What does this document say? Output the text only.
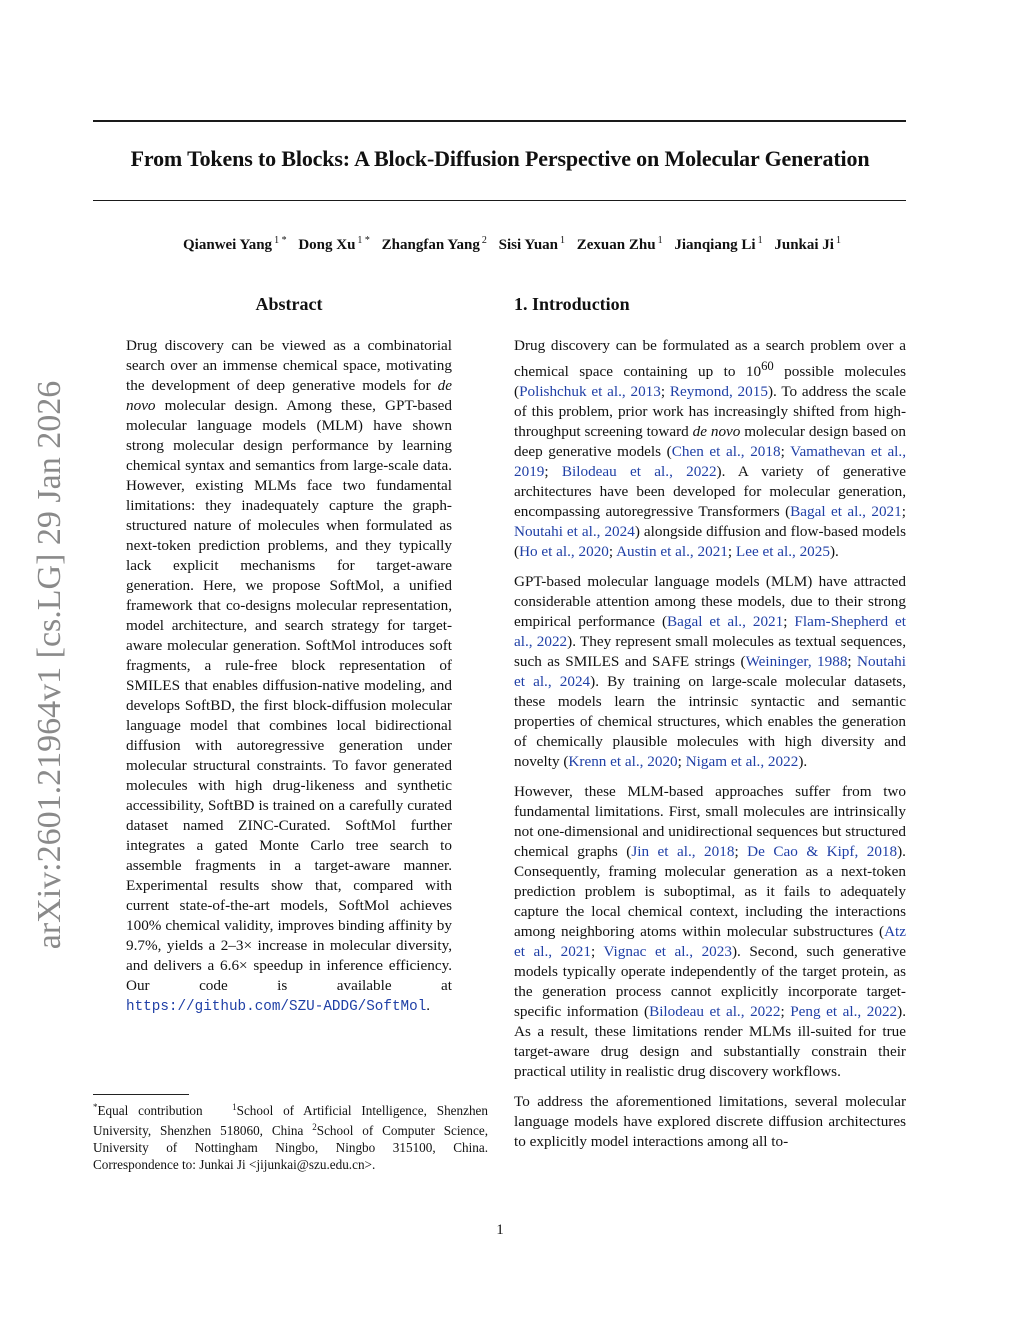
From Tokens to Blocks: A Block-Diffusion Perspective on Molecular Generation
Qianwei Yang $^{1 *}$ Dong Xu $^{1 *}$ Zhangfan Yang $^2$ Sisi Yuan $^1$ Zexuan Zhu $^1$ Jianqiang Li $^1$ Junkai Ji $^1$
arXiv:2601.21964v1 [cs.LG] 29 Jan 2026
Abstract

Drug discovery can be viewed as a combinatorial search over an immense chemical space, motivating the development of deep generative models for de novo molecular design. Among these, GPT-based molecular language models (MLM) have shown strong molecular design performance by learning chemical syntax and semantics from large-scale data. However, existing MLMs face two fundamental limitations: they inadequately capture the graph-structured nature of molecules when formulated as next-token prediction problems, and they typically lack explicit mechanisms for target-aware generation. Here, we propose SoftMol, a unified framework that co-designs molecular representation, model architecture, and search strategy for target-aware molecular generation. SoftMol introduces soft fragments, a rule-free block representation of SMILES that enables diffusion-native modeling, and develops SoftBD, the first block-diffusion molecular language model that combines local bidirectional diffusion with autoregressive generation under molecular structural constraints. To favor generated molecules with high drug-likeness and synthetic accessibility, SoftBD is trained on a carefully curated dataset named ZINC-Curated. SoftMol further integrates a gated Monte Carlo tree search to assemble fragments in a target-aware manner. Experimental results show that, compared with current state-of-the-art models, SoftMol achieves 100% chemical validity, improves binding affinity by 9.7%, yields a 2–3× increase in molecular diversity, and delivers a 6.6× speedup in inference efficiency. Our code is available at https://github.com/SZU-ADDG/SoftMol.

1. Introduction

Drug discovery can be formulated as a search problem over a chemical space containing up to $10^{60}$ possible molecules (Polishchuk et al., 2013; Reymond, 2015). To address the scale of this problem, prior work has increasingly shifted from high-throughput screening toward de novo molecular design based on deep generative models (Chen et al., 2018; Vamathevan et al., 2019; Bilodeau et al., 2022). A variety of generative architectures have been developed for molecular generation, encompassing autoregressive Transformers (Bagal et al., 2021; Noutahi et al., 2024) alongside diffusion and flow-based models (Ho et al., 2020; Austin et al., 2021; Lee et al., 2025).

GPT-based molecular language models (MLM) have attracted considerable attention among these models, due to their strong empirical performance (Bagal et al., 2021; Flam-Shepherd et al., 2022). They represent small molecules as textual sequences, such as SMILES and SAFE strings (Weininger, 1988; Noutahi et al., 2024). By training on large-scale molecular datasets, these models learn the intrinsic syntactic and semantic properties of chemical structures, which enables the generation of chemically plausible molecules with high diversity and novelty (Krenn et al., 2020; Nigam et al., 2022).

However, these MLM-based approaches suffer from two fundamental limitations. First, small molecules are intrinsically not one-dimensional and unidirectional sequences but structured chemical graphs (Jin et al., 2018; De Cao & Kipf, 2018). Consequently, framing molecular generation as a next-token prediction problem is suboptimal, as it fails to adequately capture the local chemical context, including the interactions among neighboring atoms within molecular substructures (Atz et al., 2021; Vignac et al., 2023). Second, such generative models typically operate independently of the target protein, as the generation process cannot explicitly incorporate target-specific information (Bilodeau et al., 2022; Peng et al., 2022). As a result, these limitations render MLMs ill-suited for true target-aware drug design and substantially constrain their practical utility in realistic drug discovery workflows.

To address the aforementioned limitations, several molecular language models have explored discrete diffusion architectures to explicitly model interactions among all to-

*Equal contribution	$^1$School of Artificial Intelligence, Shenzhen University, Shenzhen 518060, China $^2$School of Computer Science, University of Nottingham Ningbo, Ningbo 315100, China. Correspondence to: Junkai Ji <jijunkai@szu.edu.cn>.

1
